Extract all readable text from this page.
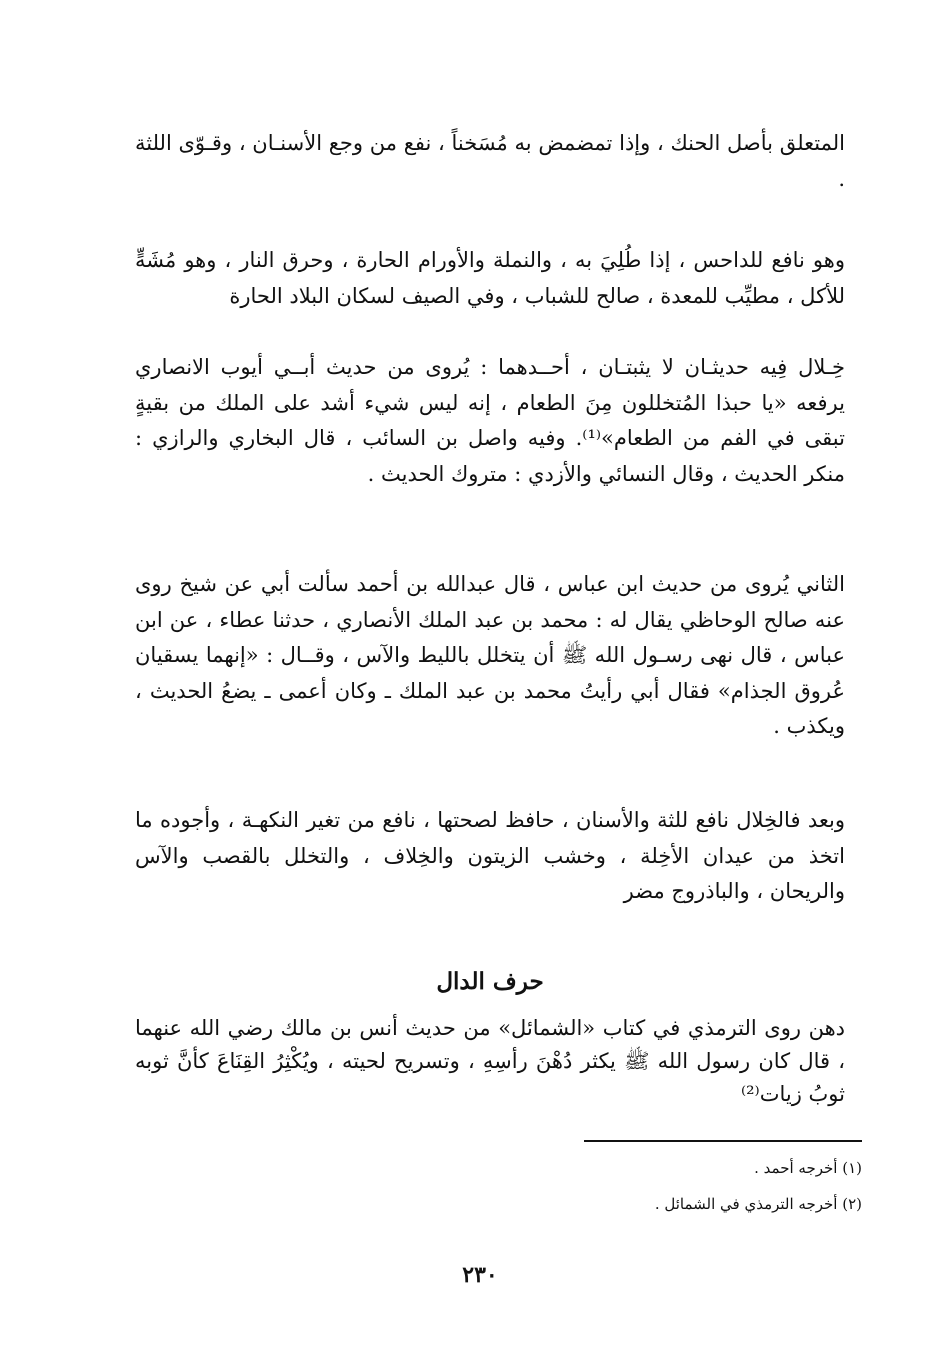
المتعلق بأصل الحنك ، وإذا تمضمض به مُسَخناً ، نفع من وجع الأسنـان ، وقـوّى اللثة .

وهو نافع للداحس ، إذا طُلِيَ به ، والنملة والأورام الحارة ، وحرق النار ، وهو مُشَهٍّ للأكل ، مطيِّب للمعدة ، صالح للشباب ، وفي الصيف لسكان البلاد الحارة

خِـلال فِيه حديثـان لا يثبتـان ، أحــدهما : يُروى من حديث أبــي أيوب الانصاري يرفعه «يا حبذا المُتخللون مِنَ الطعام ، إنه ليس شيء أشد على الملك من بقيةٍ تبقى في الفم من الطعام»⁽¹⁾. وفيه واصل بن السائب ، قال البخاري والرازي : منكر الحديث ، وقال النسائي والأزدي : متروك الحديث .

الثاني يُروى من حديث ابن عباس ، قال عبدالله بن أحمد سألت أبي عن شيخ روى عنه صالح الوحاظي يقال له : محمد بن عبد الملك الأنصاري ، حدثنا عطاء ، عن ابن عباس ، قال نهى رسـول الله ﷺ أن يتخلل بالليط والآس ، وقــال : «إنهما يسقيان عُروق الجذام» فقال أبي رأيتُ محمد بن عبد الملك ـ وكان أعمى ـ يضعُ الحديث ، ويكذب .

وبعد فالخِلال نافع للثة والأسنان ، حافظ لصحتها ، نافع من تغير النكهـة ، وأجوده ما اتخذ من عيدان الأخِلة ، وخشب الزيتون والخِلاف ، والتخلل بالقصب والآس والريحان ، والباذروج مضر

حرف الدال

دهن روى الترمذي في كتاب «الشمائل» من حديث أنس بن مالك رضي الله عنهما ، قال كان رسول الله ﷺ يكثر دُهْنَ رأسِهِ ، وتسريح لحيته ، ويُكْثِرُ القِنَاعَ كأنَّ ثوبه ثوبُ زيات⁽²⁾

(١) أخرجه أحمد .

(٢) أخرجه الترمذي في الشمائل .

٢٣٠
